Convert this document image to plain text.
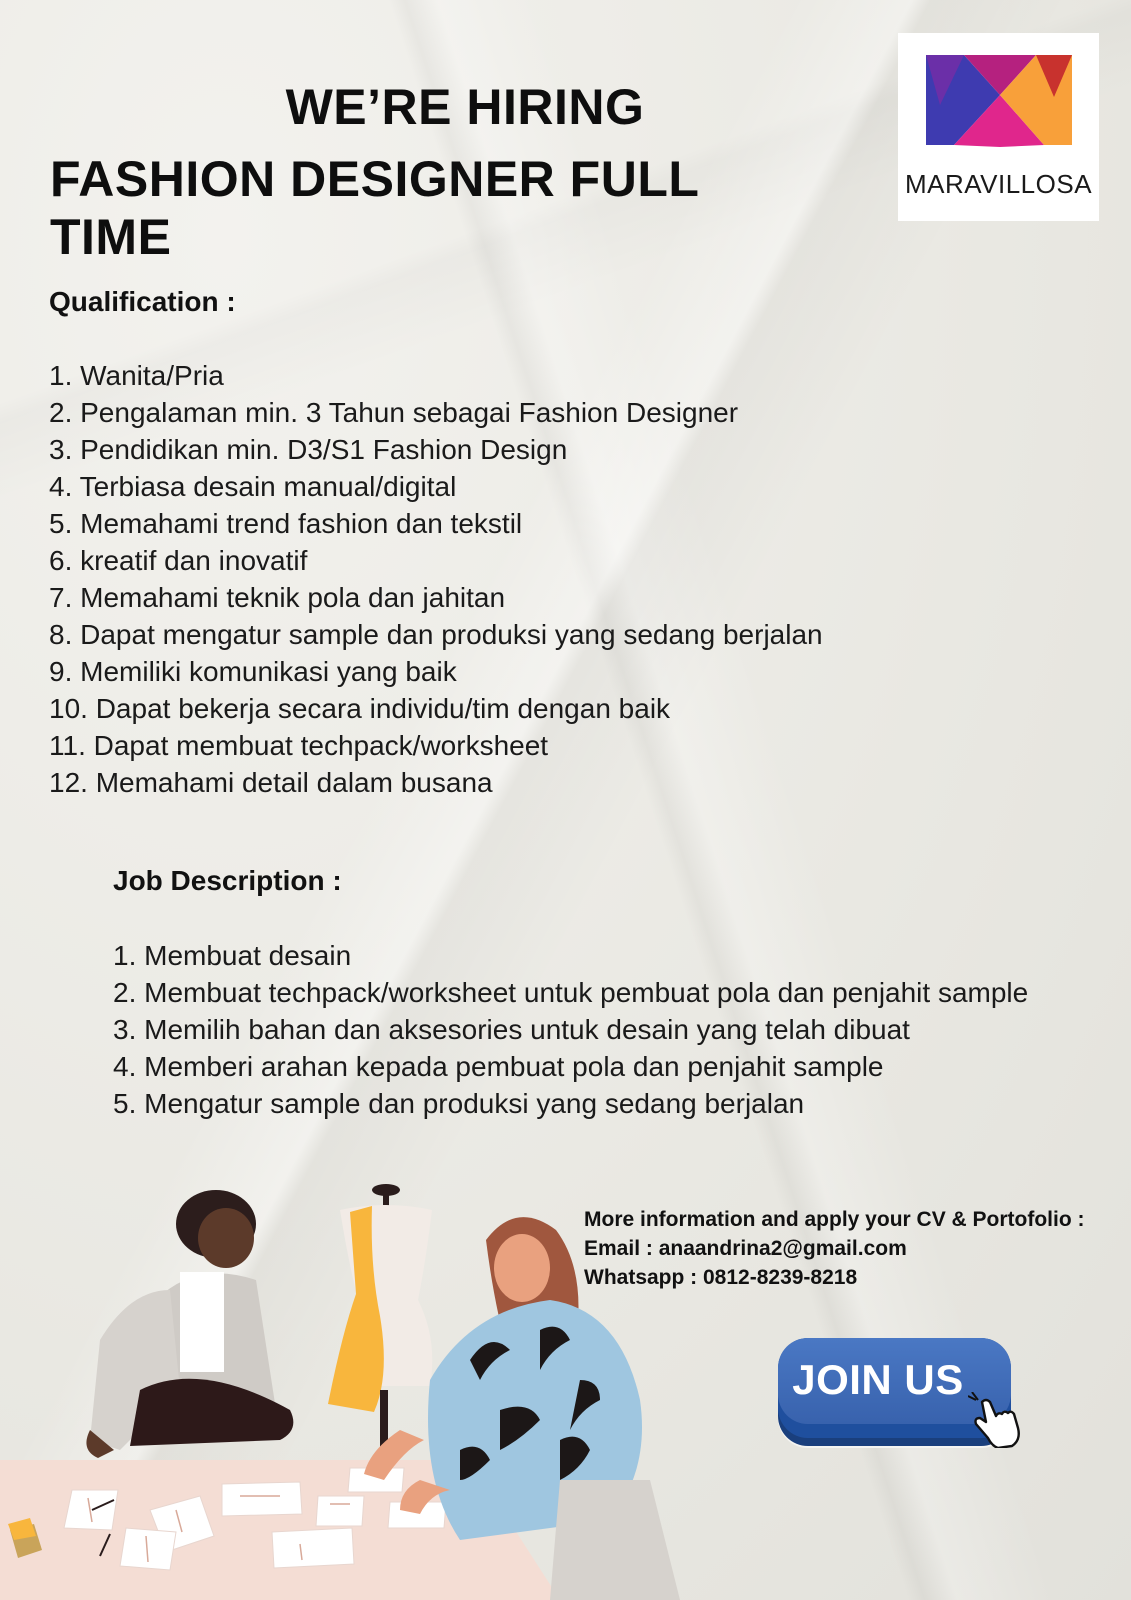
WE’RE HIRING
FASHION DESIGNER FULL TIME
MARAVILLOSA
Qualification :
1. Wanita/Pria
2. Pengalaman min. 3 Tahun sebagai Fashion Designer
3. Pendidikan min. D3/S1 Fashion Design
4. Terbiasa desain manual/digital
5. Memahami trend fashion dan tekstil
6. kreatif dan inovatif
7. Memahami teknik pola dan jahitan
8. Dapat mengatur sample dan produksi yang sedang berjalan
9. Memiliki komunikasi yang baik
10. Dapat bekerja secara individu/tim dengan baik
11. Dapat membuat techpack/worksheet
12. Memahami detail dalam busana
Job Description :
1. Membuat desain
2. Membuat techpack/worksheet untuk pembuat pola dan penjahit sample
3. Memilih bahan dan aksesories untuk desain yang telah dibuat
4. Memberi arahan kepada pembuat pola dan penjahit sample
5. Mengatur sample dan produksi yang sedang berjalan

More information and apply your CV & Portofolio :

Email : anaandrina2@gmail.com

Whatsapp : 0812-8239-8218

JOIN US
